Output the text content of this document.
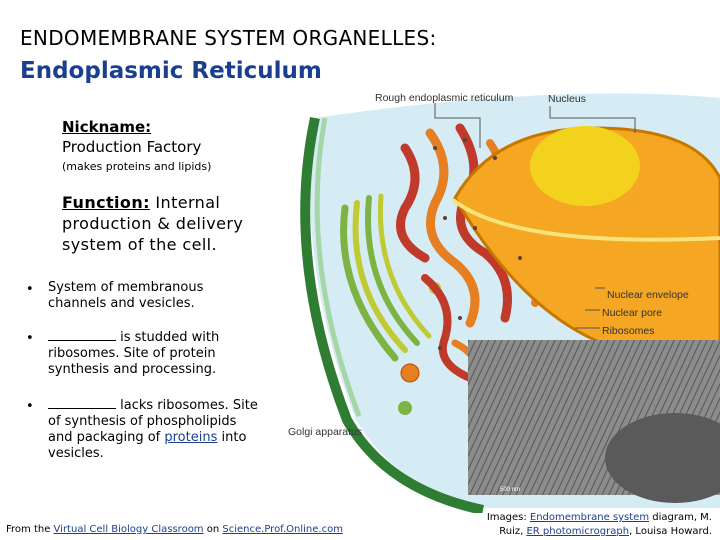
ENDOMEMBRANE SYSTEM ORGANELLES:
Endoplasmic Reticulum
500 nm
Rough endoplasmic reticulum	Nucleus
Nuclear envelope
Nuclear pore
Ribosomes
Golgi apparatus
Nickname:
Production Factory
(makes proteins and lipids)
Function: Internal production & delivery system of the cell.
• System of membranous channels and vesicles.
•	is studded with ribosomes. Site of protein synthesis and processing.
•	lacks ribosomes. Site of synthesis of phospholipids and packaging of proteins into vesicles.
From the Virtual Cell Biology Classroom on Science.Prof.Online.com
Images: Endomembrane system diagram, M. Ruiz, ER photomicrograph, Louisa Howard.
